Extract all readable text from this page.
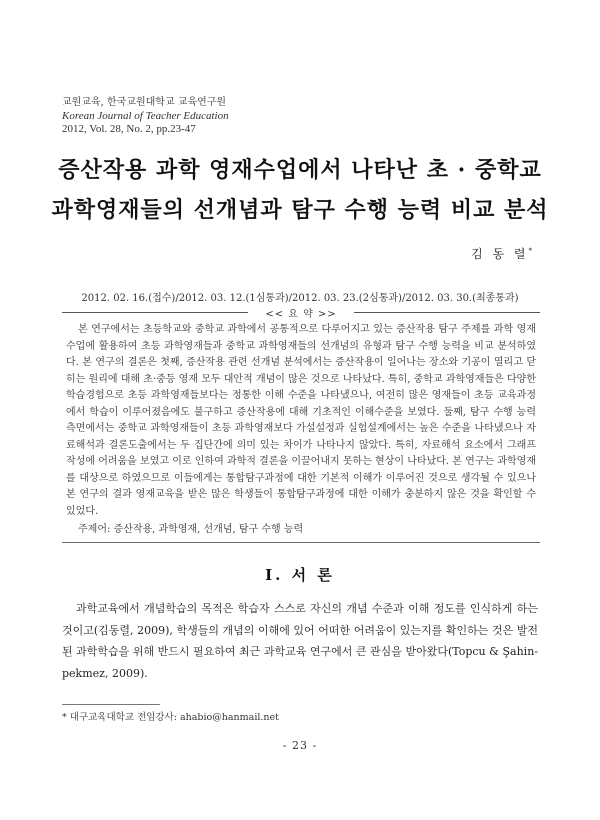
교원교육, 한국교원대학교 교육연구원
Korean Journal of Teacher Education
2012, Vol. 28, No. 2, pp.23-47
증산작용 과학 영재수업에서 나타난 초 · 중학교
과학영재들의 선개념과 탐구 수행 능력 비교 분석
김 동 렬*
2012. 02. 16.(접수)/2012. 03. 12.(1심통과)/2012. 03. 23.(2심통과)/2012. 03. 30.(최종통과)
<< 요 약 >>

본 연구에서는 초등학교와 중학교 과학에서 공통적으로 다루어지고 있는 증산작용 탐구 주제를 과학 영재수업에 활용하여 초등 과학영재들과 중학교 과학영재들의 선개념의 유형과 탐구 수행 능력을 비교 분석하였다. 본 연구의 결론은 첫째, 증산작용 관련 선개념 분석에서는 증산작용이 일어나는 장소와 기공이 열리고 닫히는 원리에 대해 초·중등 영재 모두 대안적 개념이 많은 것으로 나타났다. 특히, 중학교 과학영재들은 다양한 학습경험으로 초등 과학영재들보다는 정통한 이해 수준을 나타냈으나, 여전히 많은 영재들이 초등 교육과정에서 학습이 이루어졌음에도 불구하고 증산작용에 대해 기초적인 이해수준을 보였다. 둘째, 탐구 수행 능력 측면에서는 중학교 과학영재들이 초등 과학영재보다 가설설정과 실험설계에서는 높은 수준을 나타냈으나 자료해석과 결론도출에서는 두 집단간에 의미 있는 차이가 나타나지 않았다. 특히, 자료해석 요소에서 그래프 작성에 어려움을 보였고 이로 인하여 과학적 결론을 이끌어내지 못하는 현상이 나타났다. 본 연구는 과학영재를 대상으로 하였으므로 이들에게는 통합탐구과정에 대한 기본적 이해가 이루어진 것으로 생각될 수 있으나 본 연구의 결과 영재교육을 받은 많은 학생들이 통합탐구과정에 대한 이해가 충분하지 않은 것을 확인할 수 있었다.

주제어: 증산작용, 과학영재, 선개념, 탐구 수행 능력
Ⅰ. 서 론

과학교육에서 개념학습의 목적은 학습자 스스로 자신의 개념 수준과 이해 정도를 인식하게 하는 것이고(김동렬, 2009), 학생들의 개념의 이해에 있어 어떠한 어려움이 있는지를 확인하는 것은 발전된 과학학습을 위해 반드시 필요하여 최근 과학교육 연구에서 큰 관심을 받아왔다(Topcu & Şahin-pekmez, 2009).

* 대구교육대학교 전임강사: ahabio@hanmail.net
- 23 -
